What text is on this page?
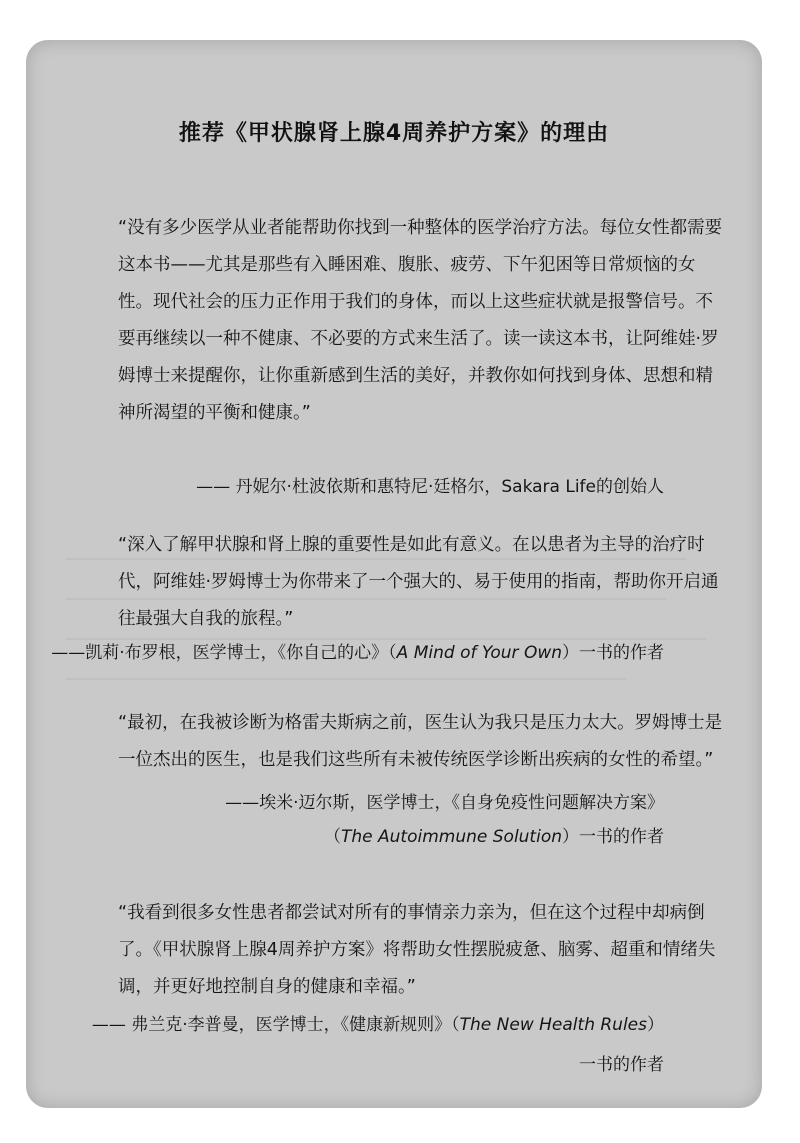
推荐《甲状腺肾上腺4周养护方案》的理由
“没有多少医学从业者能帮助你找到一种整体的医学治疗方法。每位女性都需要这本书——尤其是那些有入睡困难、腹胀、疲劳、下午犯困等日常烦恼的女性。现代社会的压力正作用于我们的身体，而以上这些症状就是报警信号。不要再继续以一种不健康、不必要的方式来生活了。读一读这本书，让阿维娃·罗姆博士来提醒你，让你重新感到生活的美好，并教你如何找到身体、思想和精神所渴望的平衡和健康。”
—— 丹妮尔·杜波依斯和惠特尼·廷格尔，Sakara Life的创始人
“深入了解甲状腺和肾上腺的重要性是如此有意义。在以患者为主导的治疗时代，阿维娃·罗姆博士为你带来了一个强大的、易于使用的指南，帮助你开启通往最强大自我的旅程。”
——凯莉·布罗根，医学博士，《你自己的心》（A Mind of Your Own）一书的作者
“最初，在我被诊断为格雷夫斯病之前，医生认为我只是压力太大。罗姆博士是一位杰出的医生，也是我们这些所有未被传统医学诊断出疾病的女性的希望。”
——埃米·迈尔斯，医学博士，《自身免疫性问题解决方案》
（The Autoimmune Solution）一书的作者
“我看到很多女性患者都尝试对所有的事情亲力亲为，但在这个过程中却病倒了。《甲状腺肾上腺4周养护方案》将帮助女性摆脱疲惫、脑雾、超重和情绪失调，并更好地控制自身的健康和幸福。”
—— 弗兰克·李普曼，医学博士，《健康新规则》（The New Health Rules）
一书的作者
